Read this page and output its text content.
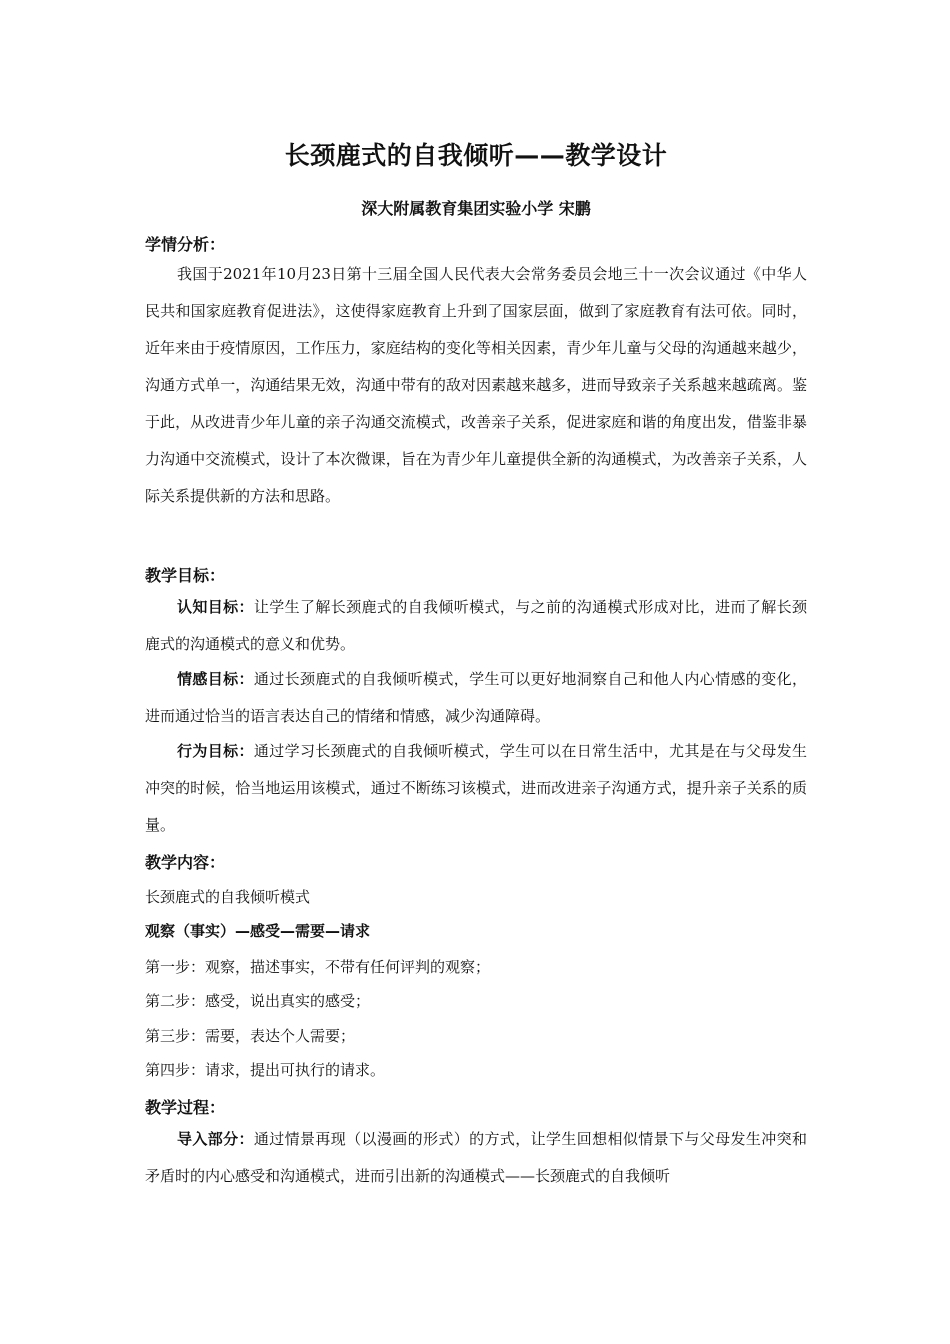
长颈鹿式的自我倾听——教学设计
深大附属教育集团实验小学 宋鹏
学情分析：

我国于2021年10月23日第十三届全国人民代表大会常务委员会地三十一次会议通过《中华人民共和国家庭教育促进法》，这使得家庭教育上升到了国家层面，做到了家庭教育有法可依。同时，近年来由于疫情原因，工作压力，家庭结构的变化等相关因素，青少年儿童与父母的沟通越来越少，沟通方式单一，沟通结果无效，沟通中带有的敌对因素越来越多，进而导致亲子关系越来越疏离。鉴于此，从改进青少年儿童的亲子沟通交流模式，改善亲子关系，促进家庭和谐的角度出发，借鉴非暴力沟通中交流模式，设计了本次微课，旨在为青少年儿童提供全新的沟通模式，为改善亲子关系，人际关系提供新的方法和思路。

教学目标：

认知目标：让学生了解长颈鹿式的自我倾听模式，与之前的沟通模式形成对比，进而了解长颈鹿式的沟通模式的意义和优势。

情感目标：通过长颈鹿式的自我倾听模式，学生可以更好地洞察自己和他人内心情感的变化，进而通过恰当的语言表达自己的情绪和情感，减少沟通障碍。

行为目标：通过学习长颈鹿式的自我倾听模式，学生可以在日常生活中，尤其是在与父母发生冲突的时候，恰当地运用该模式，通过不断练习该模式，进而改进亲子沟通方式，提升亲子关系的质量。

教学内容：
长颈鹿式的自我倾听模式
观察（事实）—感受—需要—请求
第一步：观察，描述事实，不带有任何评判的观察；
第二步：感受，说出真实的感受；
第三步：需要，表达个人需要；
第四步：请求，提出可执行的请求。
教学过程：

导入部分：通过情景再现（以漫画的形式）的方式，让学生回想相似情景下与父母发生冲突和矛盾时的内心感受和沟通模式，进而引出新的沟通模式——长颈鹿式的自我倾听
